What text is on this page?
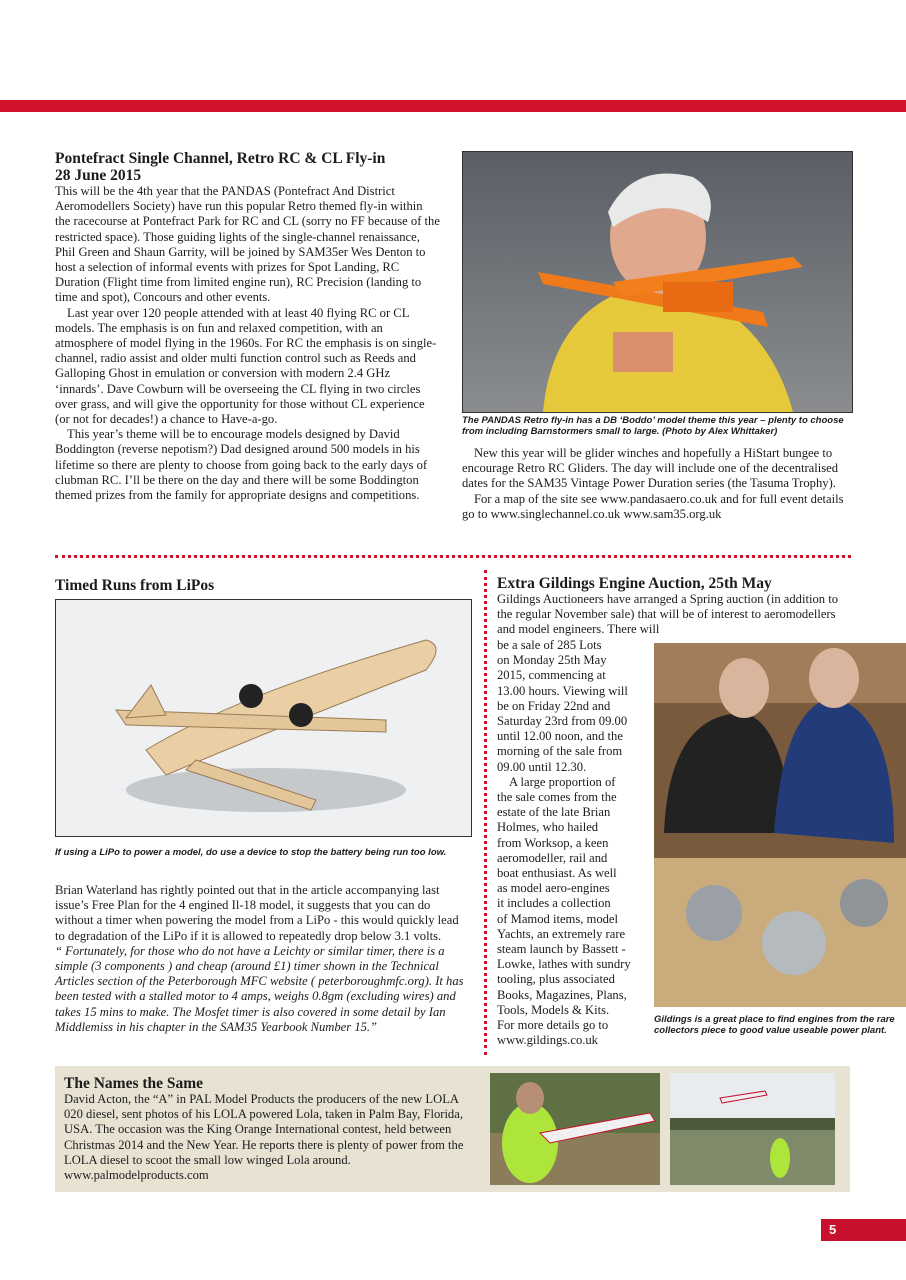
Pontefract Single Channel, Retro RC & CL Fly-in
28 June 2015

This will be the 4th year that the PANDAS (Pontefract And District Aeromodellers Society) have run this popular Retro themed fly-in within the racecourse at Pontefract Park for RC and CL (sorry no FF because of the restricted space). Those guiding lights of the single-channel renaissance, Phil Green and Shaun Garrity, will be joined by SAM35er Wes Denton to host a selection of informal events with prizes for Spot Landing, RC Duration (Flight time from limited engine run), RC Precision (landing to time and spot), Concours and other events.

Last year over 120 people attended with at least 40 flying RC or CL models. The emphasis is on fun and relaxed competition, with an atmosphere of model flying in the 1960s. For RC the emphasis is on single-channel, radio assist and older multi function control such as Reeds and Galloping Ghost in emulation or conversion with modern 2.4 GHz ‘innards’. Dave Cowburn will be overseeing the CL flying in two circles over grass, and will give the opportunity for those without CL experience (or not for decades!) a chance to Have-a-go.

This year’s theme will be to encourage models designed by David Boddington (reverse nepotism?) Dad designed around 500 models in his lifetime so there are plenty to choose from going back to the early days of clubman RC. I’ll be there on the day and there will be some Boddington themed prizes from the family for appropriate designs and competitions.

The PANDAS Retro fly-in has a DB ‘Boddo’ model theme this year – plenty to choose from including Barnstormers small to large. (Photo by Alex Whittaker)

New this year will be glider winches and hopefully a HiStart bungee to encourage Retro RC Gliders. The day will include one of the decentralised dates for the SAM35 Vintage Power Duration series (the Tasuma Trophy).

For a map of the site see www.pandasaero.co.uk and for full event details go to www.singlechannel.co.uk www.sam35.org.uk

Timed Runs from LiPos
If using a LiPo to power a model, do use a device to stop the battery being run too low.

Brian Waterland has rightly pointed out that in the article accompanying last issue’s Free Plan for the 4 engined Il-18 model, it suggests that you can do without a timer when powering the model from a LiPo - this would quickly lead to degradation of the LiPo if it is allowed to repeatedly drop below 3.1 volts.

“ Fortunately, for those who do not have a Leichty or similar timer, there is a simple (3 components ) and cheap (around £1) timer shown in the Technical Articles section of the Peterborough MFC website ( peterboroughmfc.org). It has been tested with a stalled motor to 4 amps, weighs 0.8gm (excluding wires) and takes 15 mins to make. The Mosfet timer is also covered in some detail by Ian Middlemiss in his chapter in the SAM35 Yearbook Number 15.”

Extra Gildings Engine Auction, 25th May
Gildings Auctioneers have arranged a Spring auction (in addition to the regular November sale) that will be of interest to aeromodellers and model engineers. There will
be a sale of 285 Lots
on Monday 25th May
2015, commencing at
13.00 hours. Viewing will
be on Friday 22nd and
Saturday 23rd from 09.00
until 12.00 noon, and the
morning of the sale from
09.00 until 12.30.
A large proportion of
the sale comes from the
estate of the late Brian
Holmes, who hailed
from Worksop, a keen
aeromodeller, rail and
boat enthusiast. As well
as model aero-engines
it includes a collection
of Mamod items, model
Yachts, an extremely rare
steam launch by Bassett -
Lowke, lathes with sundry
tooling, plus associated
Books, Magazines, Plans,
Tools, Models & Kits.
For more details go to
www.gildings.co.uk
Gildings is a great place to find engines from the rare collectors piece to good value useable power plant.
The Names the Same
David Acton, the “A” in PAL Model Products the producers of the new LOLA 020 diesel, sent photos of his LOLA powered Lola, taken in Palm Bay, Florida, USA. The occasion was the King Orange International contest, held between Christmas 2014 and the New Year. He reports there is plenty of power from the LOLA diesel to scoot the small low winged Lola around. www.palmodelproducts.com
5
